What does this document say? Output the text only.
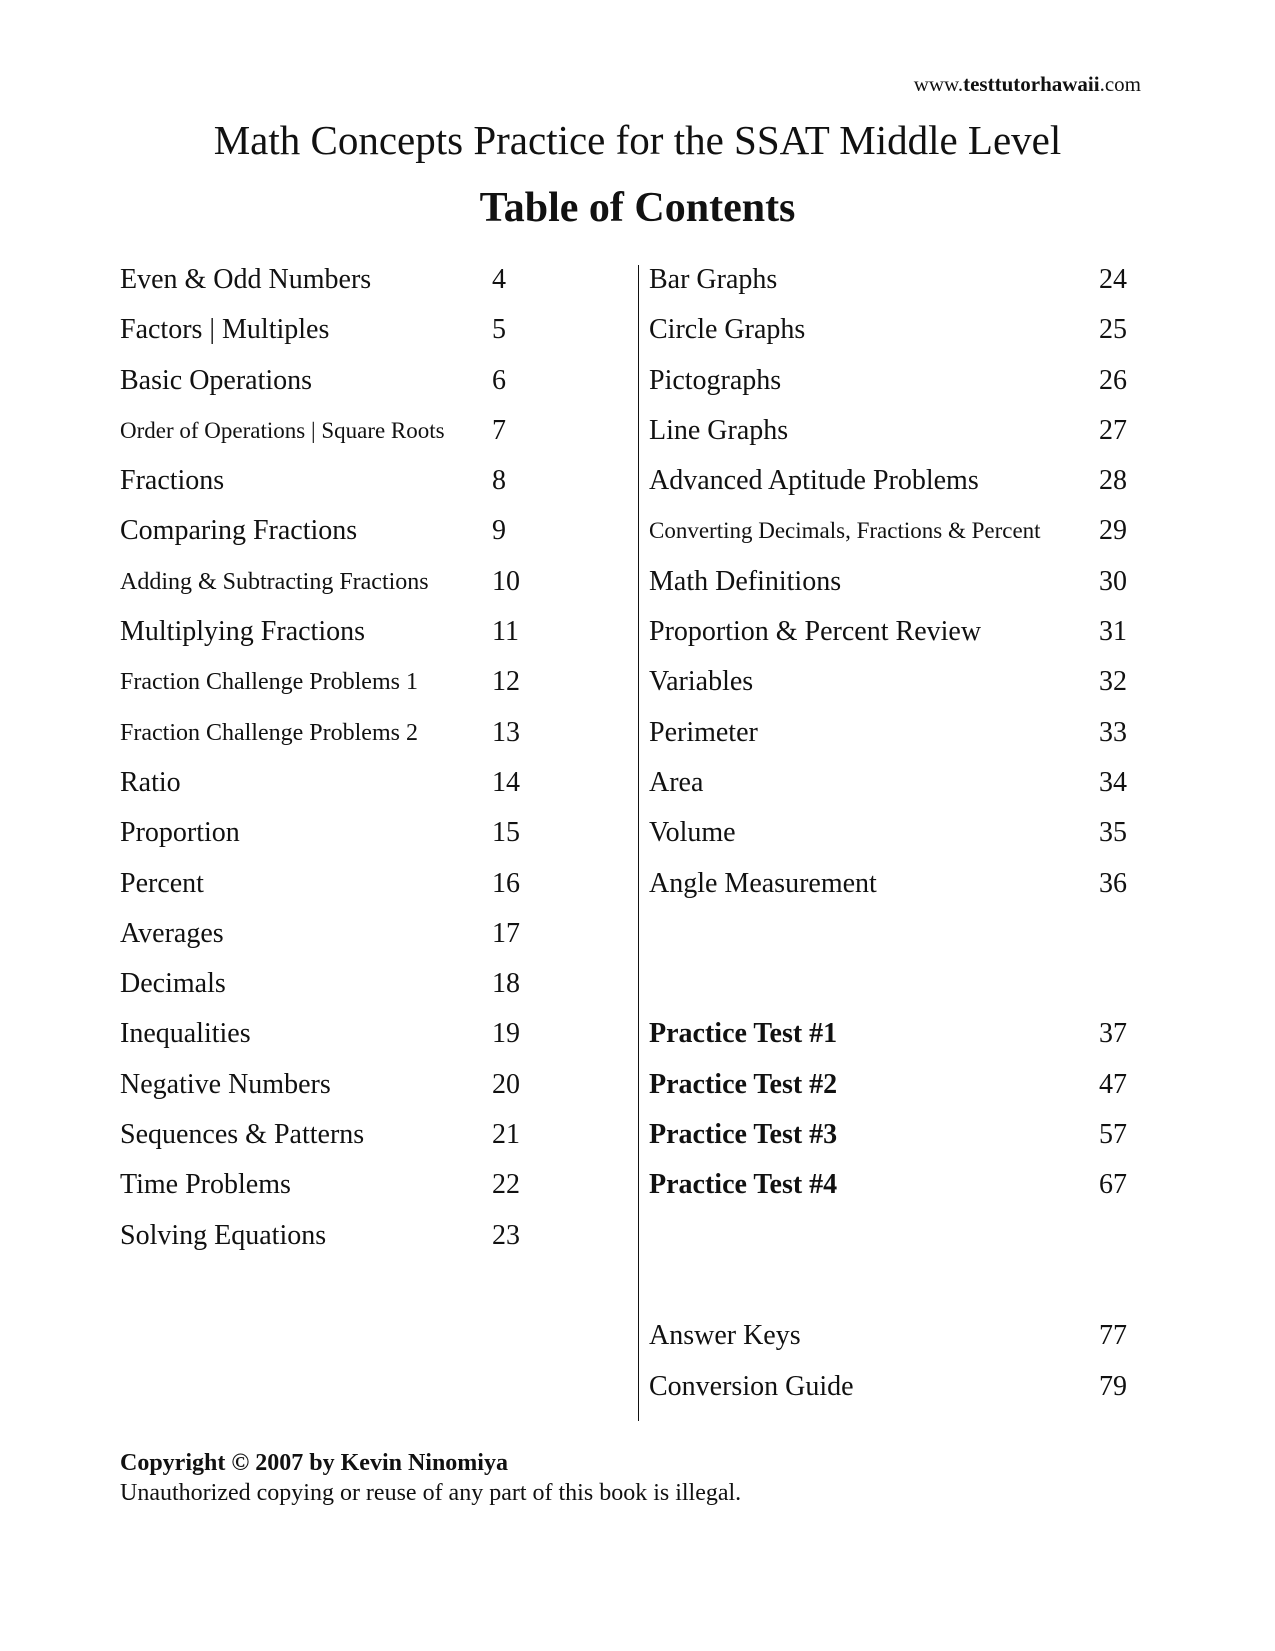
www.testtutorhawaii.com
Math Concepts Practice for the SSAT Middle Level
Table of Contents
Even & Odd Numbers	4
Factors | Multiples	5
Basic Operations	6
Order of Operations | Square Roots 7
Fractions	8
Comparing Fractions	9
Adding & Subtracting Fractions 10
Multiplying Fractions	11
Fraction Challenge Problems 1	12
Fraction Challenge Problems 2	13
Ratio	14
Proportion	15
Percent	16
Averages	17
Decimals	18
Inequalities	19
Negative Numbers	20
Sequences & Patterns	21
Time Problems	22
Solving Equations	23
Bar Graphs	24
Circle Graphs	25
Pictographs	26
Line Graphs	27
Advanced Aptitude Problems	28
Converting Decimals, Fractions & Percent 29
Math Definitions	30
Proportion & Percent Review	31
Variables	32
Perimeter	33
Area	34
Volume	35
Angle Measurement	36
Practice Test #1	37
Practice Test #2	47
Practice Test #3	57
Practice Test #4	67
Answer Keys	77
Conversion Guide	79
Copyright © 2007 by Kevin Ninomiya
Unauthorized copying or reuse of any part of this book is illegal.
